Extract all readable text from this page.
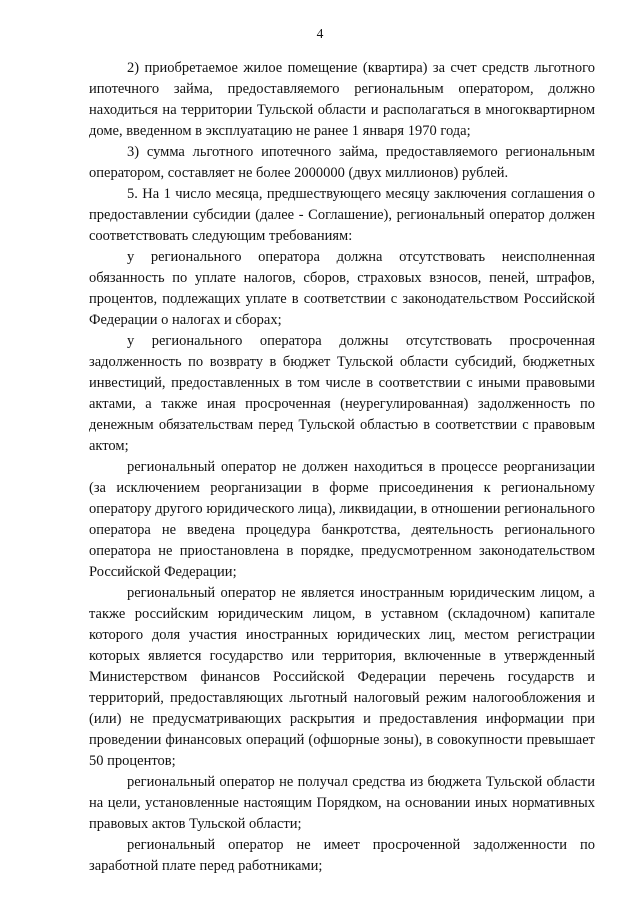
4

2) приобретаемое жилое помещение (квартира) за счет средств льготного ипотечного займа, предоставляемого региональным оператором, должно находиться на территории Тульской области и располагаться в многоквартирном доме, введенном в эксплуатацию не ранее 1 января 1970 года;

3) сумма льготного ипотечного займа, предоставляемого региональным оператором, составляет не более 2000000 (двух миллионов) рублей.

5. На 1 число месяца, предшествующего месяцу заключения соглашения о предоставлении субсидии (далее - Соглашение), региональный оператор должен соответствовать следующим требованиям:

у регионального оператора должна отсутствовать неисполненная обязанность по уплате налогов, сборов, страховых взносов, пеней, штрафов, процентов, подлежащих уплате в соответствии с законодательством Российской Федерации о налогах и сборах;

у регионального оператора должны отсутствовать просроченная задолженность по возврату в бюджет Тульской области субсидий, бюджетных инвестиций, предоставленных в том числе в соответствии с иными правовыми актами, а также иная просроченная (неурегулированная) задолженность по денежным обязательствам перед Тульской областью в соответствии с правовым актом;

региональный оператор не должен находиться в процессе реорганизации (за исключением реорганизации в форме присоединения к региональному оператору другого юридического лица), ликвидации, в отношении регионального оператора не введена процедура банкротства, деятельность регионального оператора не приостановлена в порядке, предусмотренном законодательством Российской Федерации;

региональный оператор не является иностранным юридическим лицом, а также российским юридическим лицом, в уставном (складочном) капитале которого доля участия иностранных юридических лиц, местом регистрации которых является государство или территория, включенные в утвержденный Министерством финансов Российской Федерации перечень государств и территорий, предоставляющих льготный налоговый режим налогообложения и (или) не предусматривающих раскрытия и предоставления информации при проведении финансовых операций (офшорные зоны), в совокупности превышает 50 процентов;

региональный оператор не получал средства из бюджета Тульской области на цели, установленные настоящим Порядком, на основании иных нормативных правовых актов Тульской области;

региональный оператор не имеет просроченной задолженности по заработной плате перед работниками;
